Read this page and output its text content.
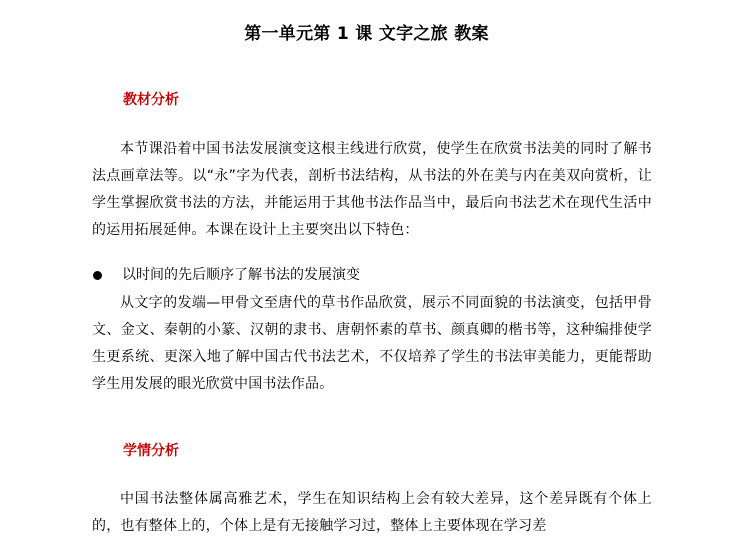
第一单元第 1 课 文字之旅 教案
教材分析

本节课沿着中国书法发展演变这根主线进行欣赏，使学生在欣赏书法美的同时了解书法点画章法等。以“永”字为代表，剖析书法结构，从书法的外在美与内在美双向赏析，让学生掌握欣赏书法的方法，并能运用于其他书法作品当中，最后向书法艺术在现代生活中的运用拓展延伸。本课在设计上主要突出以下特色：

以时间的先后顺序了解书法的发展演变

从文字的发端—甲骨文至唐代的草书作品欣赏，展示不同面貌的书法演变，包括甲骨文、金文、秦朝的小篆、汉朝的隶书、唐朝怀素的草书、颜真卿的楷书等，这种编排使学生更系统、更深入地了解中国古代书法艺术，不仅培养了学生的书法审美能力，更能帮助学生用发展的眼光欣赏中国书法作品。

学情分析

中国书法整体属高雅艺术，学生在知识结构上会有较大差异，这个差异既有个体上的，也有整体上的，个体上是有无接触学习过，整体上主要体现在学习差
